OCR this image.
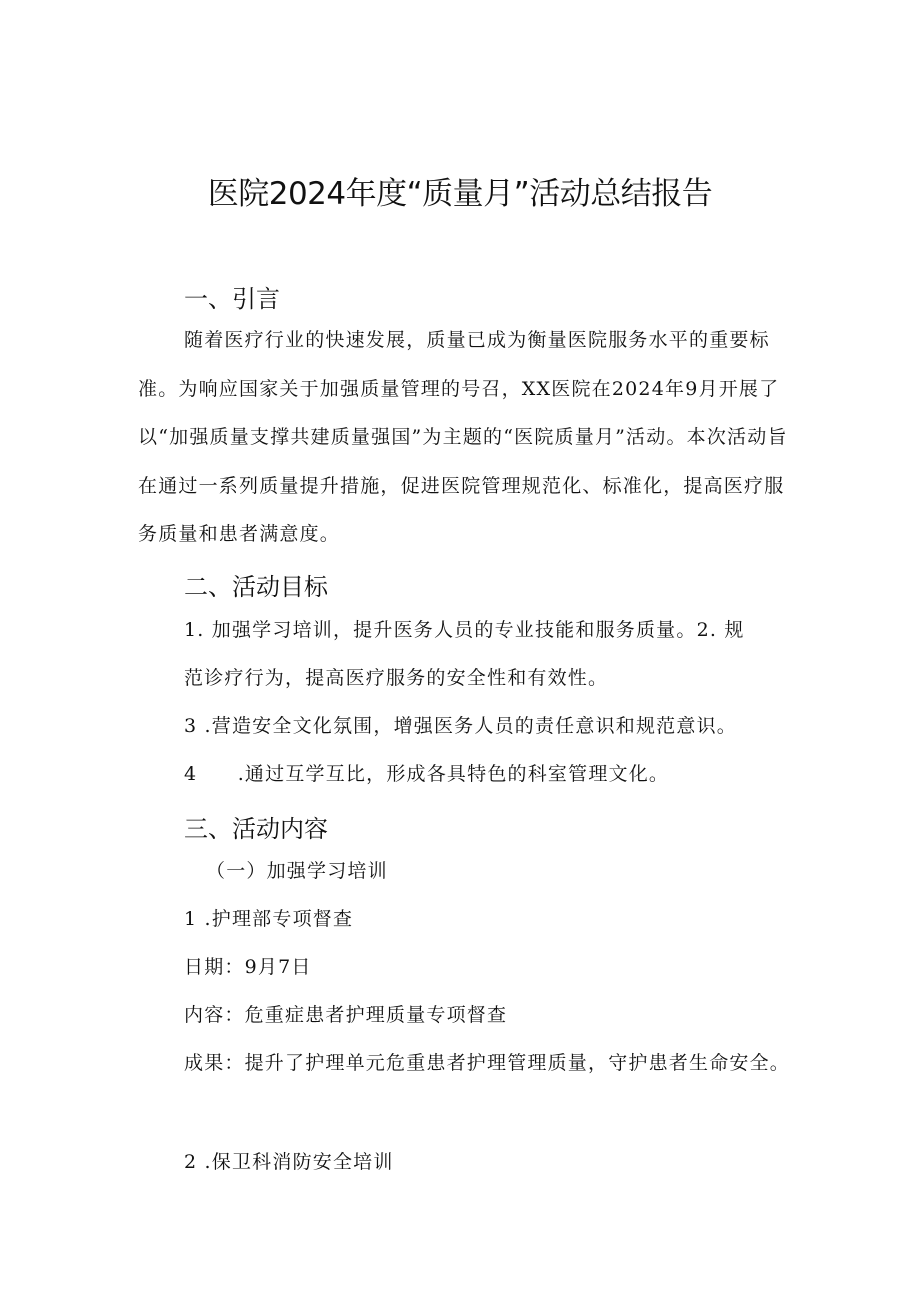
医院2024年度“质量月”活动总结报告
一、引言

随着医疗行业的快速发展，质量已成为衡量医院服务水平的重要标准。为响应国家关于加强质量管理的号召，XX医院在2024年9月开展了以“加强质量支撑共建质量强国”为主题的“医院质量月”活动。本次活动旨在通过一系列质量提升措施，促进医院管理规范化、标准化，提高医疗服务质量和患者满意度。

二、活动目标

1. 加强学习培训，提升医务人员的专业技能和服务质量。2. 规

范诊疗行为，提高医疗服务的安全性和有效性。

3 .营造安全文化氛围，增强医务人员的责任意识和规范意识。

4　　.通过互学互比，形成各具特色的科室管理文化。

三、活动内容

（一）加强学习培训

1 .护理部专项督查

日期：9月7日

内容：危重症患者护理质量专项督查

成果：提升了护理单元危重患者护理管理质量，守护患者生命安全。

2 .保卫科消防安全培训
